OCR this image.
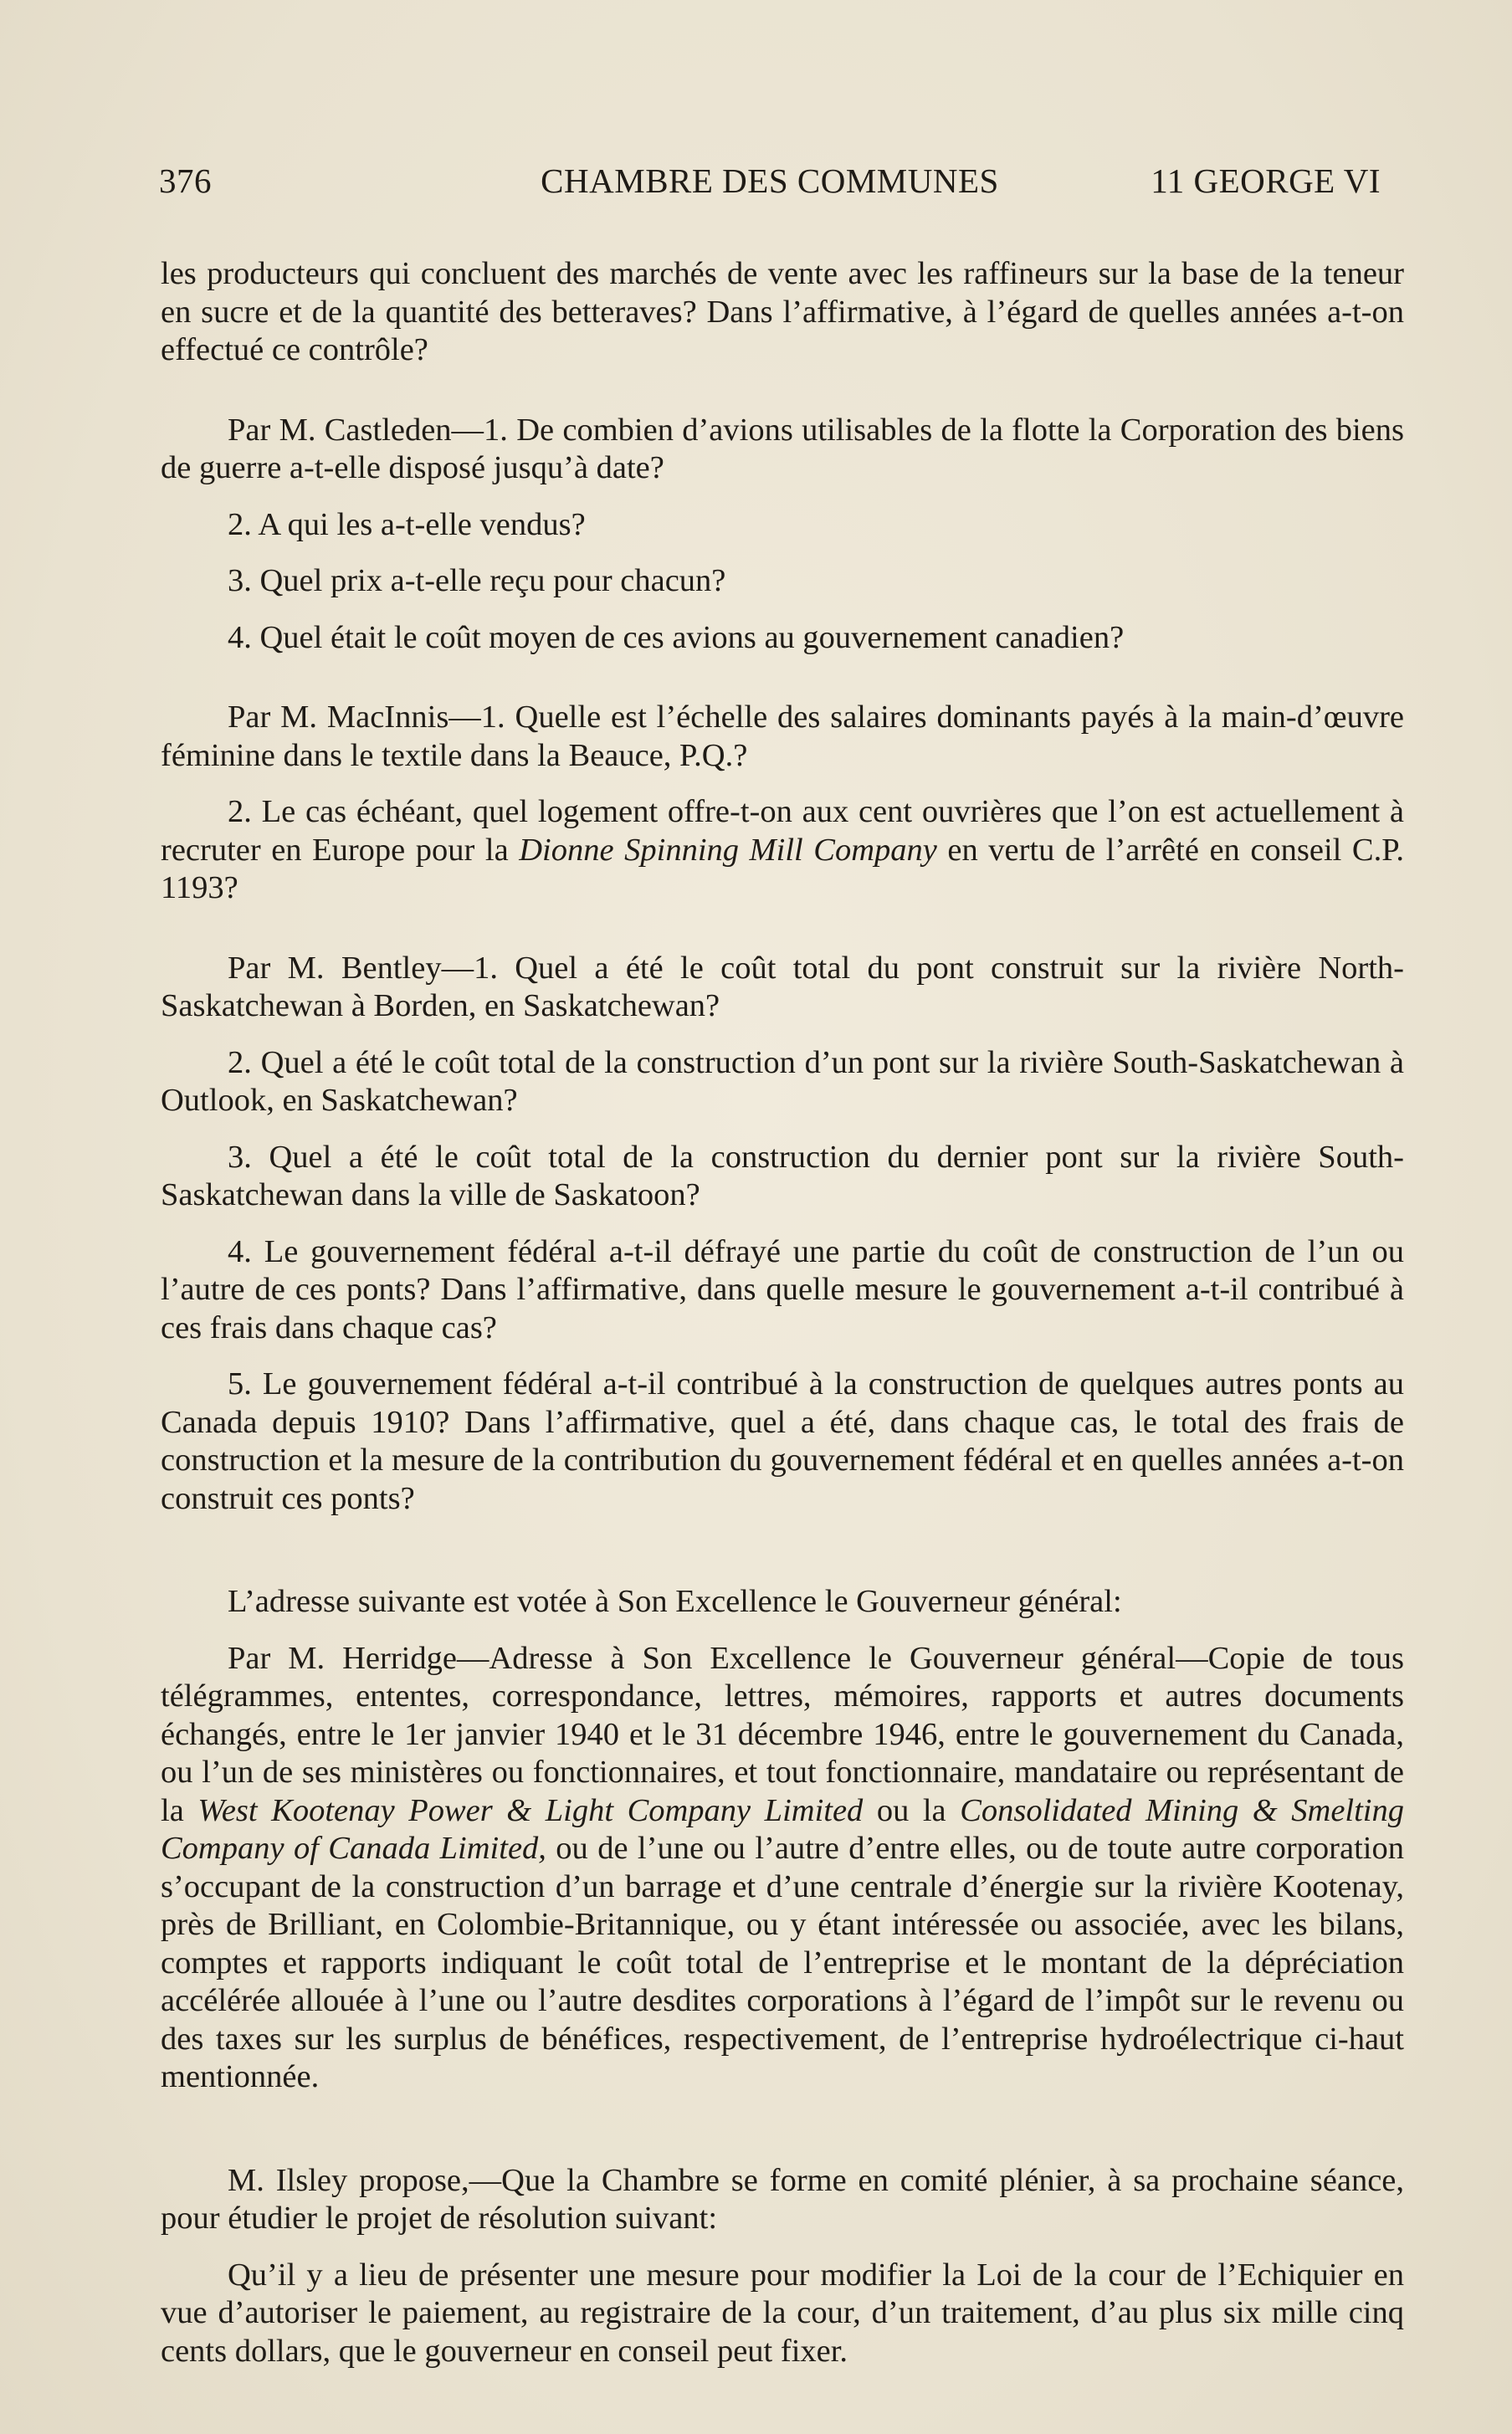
376	CHAMBRE DES COMMUNES	11 GEORGE VI

les producteurs qui concluent des marchés de vente avec les raffineurs sur la base de la teneur en sucre et de la quantité des betteraves? Dans l’affirmative, à l’égard de quelles années a-t-on effectué ce contrôle?

Par M. Castleden—1. De combien d’avions utilisables de la flotte la Corporation des biens de guerre a-t-elle disposé jusqu’à date?

2. A qui les a-t-elle vendus?

3. Quel prix a-t-elle reçu pour chacun?

4. Quel était le coût moyen de ces avions au gouvernement canadien?

Par M. MacInnis—1. Quelle est l’échelle des salaires dominants payés à la main-d’œuvre féminine dans le textile dans la Beauce, P.Q.?

2. Le cas échéant, quel logement offre-t-on aux cent ouvrières que l’on est actuellement à recruter en Europe pour la Dionne Spinning Mill Company en vertu de l’arrêté en conseil C.P. 1193?

Par M. Bentley—1. Quel a été le coût total du pont construit sur la rivière North-Saskatchewan à Borden, en Saskatchewan?

2. Quel a été le coût total de la construction d’un pont sur la rivière South-Saskatchewan à Outlook, en Saskatchewan?

3. Quel a été le coût total de la construction du dernier pont sur la rivière South-Saskatchewan dans la ville de Saskatoon?

4. Le gouvernement fédéral a-t-il défrayé une partie du coût de construction de l’un ou l’autre de ces ponts? Dans l’affirmative, dans quelle mesure le gouvernement a-t-il contribué à ces frais dans chaque cas?

5. Le gouvernement fédéral a-t-il contribué à la construction de quelques autres ponts au Canada depuis 1910? Dans l’affirmative, quel a été, dans chaque cas, le total des frais de construction et la mesure de la contribution du gouvernement fédéral et en quelles années a-t-on construit ces ponts?

L’adresse suivante est votée à Son Excellence le Gouverneur général:

Par M. Herridge—Adresse à Son Excellence le Gouverneur général—Copie de tous télégrammes, ententes, correspondance, lettres, mémoires, rapports et autres documents échangés, entre le 1er janvier 1940 et le 31 décembre 1946, entre le gouvernement du Canada, ou l’un de ses ministères ou fonctionnaires, et tout fonctionnaire, mandataire ou représentant de la West Kootenay Power & Light Company Limited ou la Consolidated Mining & Smelting Company of Canada Limited, ou de l’une ou l’autre d’entre elles, ou de toute autre corporation s’occupant de la construction d’un barrage et d’une centrale d’énergie sur la rivière Kootenay, près de Brilliant, en Colombie-Britannique, ou y étant intéressée ou associée, avec les bilans, comptes et rapports indiquant le coût total de l’entreprise et le montant de la dépréciation accélérée allouée à l’une ou l’autre desdites corporations à l’égard de l’impôt sur le revenu ou des taxes sur les surplus de bénéfices, respectivement, de l’entreprise hydroélectrique ci-haut mentionnée.

M. Ilsley propose,—Que la Chambre se forme en comité plénier, à sa prochaine séance, pour étudier le projet de résolution suivant:

Qu’il y a lieu de présenter une mesure pour modifier la Loi de la cour de l’Echiquier en vue d’autoriser le paiement, au registraire de la cour, d’un traitement, d’au plus six mille cinq cents dollars, que le gouverneur en conseil peut fixer.
